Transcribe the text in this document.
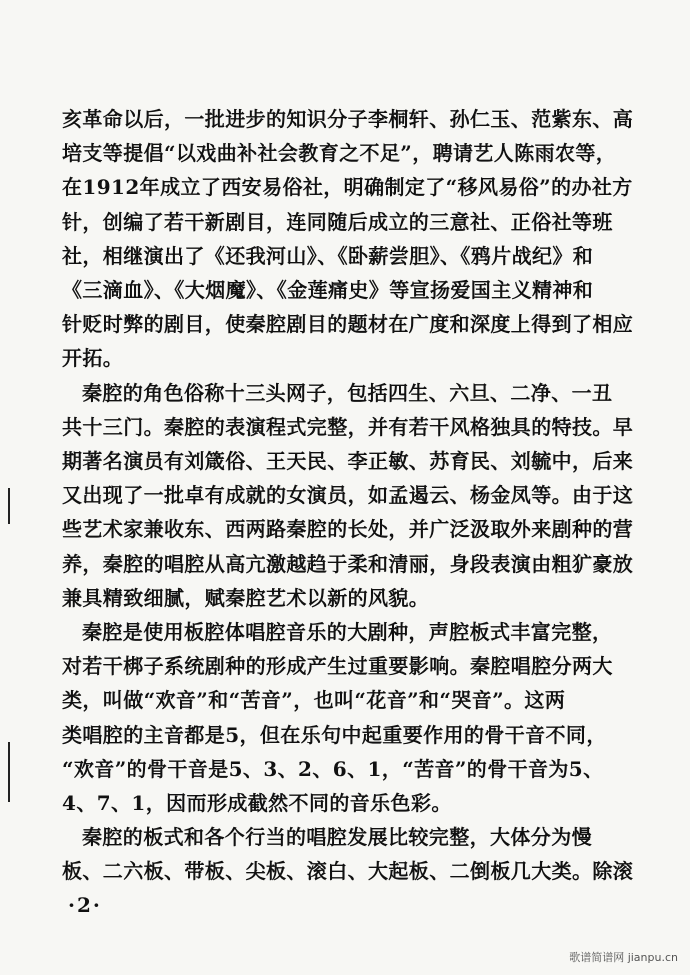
亥革命以后，一批进步的知识分子李桐轩、孙仁玉、范紫东、高
培支等提倡“以戏曲补社会教育之不足”，聘请艺人陈雨农等，
在1912年成立了西安易俗社，明确制定了“移风易俗”的办社方
针，创编了若干新剧目，连同随后成立的三意社、正俗社等班
社，相继演出了《还我河山》、《卧薪尝胆》、《鸦片战纪》和
《三滴血》、《大烟魔》、《金莲痛史》等宣扬爱国主义精神和
针贬时弊的剧目，使秦腔剧目的题材在广度和深度上得到了相应
开拓。
秦腔的角色俗称十三头网子，包括四生、六旦、二净、一丑
共十三门。秦腔的表演程式完整，并有若干风格独具的特技。早
期著名演员有刘箴俗、王天民、李正敏、苏育民、刘毓中，后来
又出现了一批卓有成就的女演员，如孟遏云、杨金凤等。由于这
些艺术家兼收东、西两路秦腔的长处，并广泛汲取外来剧种的营
养，秦腔的唱腔从高亢激越趋于柔和清丽，身段表演由粗犷豪放
兼具精致细腻，赋秦腔艺术以新的风貌。
秦腔是使用板腔体唱腔音乐的大剧种，声腔板式丰富完整，
对若干梆子系统剧种的形成产生过重要影响。秦腔唱腔分两大
类，叫做“欢音”和“苦音”，也叫“花音”和“哭音”。这两
类唱腔的主音都是5，但在乐句中起重要作用的骨干音不同，
“欢音”的骨干音是5、3、2、6、1，“苦音”的骨干音为5、
4、7、1，因而形成截然不同的音乐色彩。
秦腔的板式和各个行当的唱腔发展比较完整，大体分为慢
板、二六板、带板、尖板、滚白、大起板、二倒板几大类。除滚
·2·
歌谱简谱网 jianpu.cn
